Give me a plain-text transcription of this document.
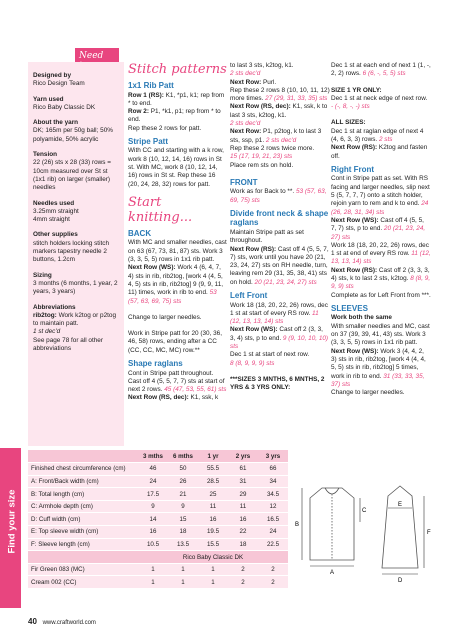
Need
Designed by
Rico Design Team
Yarn used
Rico Baby Classic DK
About the yarn
DK; 165m per 50g ball; 50% polyamide, 50% acrylic
Tension
22 (26) sts x 28 (33) rows = 10cm measured over St st (1x1 rib) on larger (smaller) needles
Needles used
3.25mm straight 4mm straight
Other supplies
stitch holders locking stitch markers tapestry needle 2 buttons, 1.2cm
Sizing
3 months (6 months, 1 year, 2 years, 3 years)
Abbreviations
rib2tog: Work k2tog or p2tog to maintain patt.
1 st dec'd
See page 78 for all other abbreviations
Stitch patterns
1x1 Rib Patt
Row 1 (RS): K1, *p1, k1; rep from * to end.
Row 2: P1, *k1, p1; rep from * to end.
Rep these 2 rows for patt.
Stripe Patt
With CC and starting with a k row, work 8 (10, 12, 14, 16) rows in St st. With MC, work 8 (10, 12, 14, 16) rows in St st. Rep these 16 (20, 24, 28, 32) rows for patt.
Start knitting...
BACK
With MC and smaller needles, cast on 63 (67, 73, 81, 87) sts. Work 3 (3, 3, 5, 5) rows in 1x1 rib patt.
Next Row (WS): Work 4 (6, 4, 7, 4) sts in rib, rib2tog, [work 4 (4, 5, 4, 5) sts in rib, rib2tog] 9 (9, 9, 11, 11) times, work in rib to end. 53 (57, 63, 69, 75) sts
Change to larger needles.
Work in Stripe patt for 20 (30, 36, 46, 58) rows, ending after a CC (CC, CC, MC, MC) row.**
Shape raglans
Cont in Stripe patt throughout. Cast off 4 (5, 5, 7, 7) sts at start of next 2 rows. 45 (47, 53, 55, 61) sts
Next Row (RS, dec): K1, ssk, k
to last 3 sts, k2tog, k1.
2 sts dec'd
Next Row: Purl.
Rep these 2 rows 8 (10, 10, 11, 12) more times. 27 (29, 31, 33, 35) sts
Next Row (RS, dec): K1, ssk, k to last 3 sts, k2tog, k1.
2 sts dec'd
Next Row: P1, p2tog, k to last 3 sts, ssp, p1. 2 sts dec'd
Rep these 2 rows twice more.
15 (17, 19, 21, 23) sts
Place rem sts on hold.
FRONT
Work as for Back to **. 53 (57, 63, 69, 75) sts
Divide front neck & shape raglans
Maintain Stripe patt as set throughout.
Next Row (RS): Cast off 4 (5, 5, 7, 7) sts, work until you have 20 (21, 23, 24, 27) sts on RH needle, turn, leaving rem 29 (31, 35, 38, 41) sts on hold. 20 (21, 23, 24, 27) sts
Left Front
Work 18 (18, 20, 22, 26) rows, dec 1 st at start of every RS row. 11 (12, 13, 13, 14) sts
Next Row (WS): Cast off 2 (3, 3, 3, 4) sts, p to end. 9 (9, 10, 10, 10) sts
Dec 1 st at start of next row.
8 (8, 9, 9, 9) sts
***SIZES 3 MNTHS, 6 MNTHS, 2 YRS & 3 YRS ONLY:
Dec 1 st at each end of next 1 (1, -, 2, 2) rows. 6 (6, -, 5, 5) sts
SIZE 1 YR ONLY:
Dec 1 st at neck edge of next row. - (-, 8, -, -) sts
ALL SIZES:
Dec 1 st at raglan edge of next 4 (4, 6, 3, 3) rows. 2 sts
Next Row (RS): K2tog and fasten off.
Right Front
Cont in Stripe patt as set. With RS facing and larger needles, slip next 5 (5, 7, 7, 7) onto a stitch holder, rejoin yarn to rem and k to end. 24 (26, 28, 31, 34) sts
Next Row (WS): Cast off 4 (5, 5, 7, 7) sts, p to end. 20 (21, 23, 24, 27) sts
Work 18 (18, 20, 22, 26) rows, dec 1 st at end of every RS row. 11 (12, 13, 13, 14) sts
Next Row (RS): Cast off 2 (3, 3, 3, 4) sts, k to last 2 sts, k2tog. 8 (8, 9, 9, 9) sts
Complete as for Left Front from ***.
SLEEVES
Work both the same
With smaller needles and MC, cast on 37 (39, 39, 41, 43) sts. Work 3 (3, 3, 5, 5) rows in 1x1 rib patt.
Next Row (WS): Work 3 (4, 4, 2, 3) sts in rib, rib2tog, [work 4 (4, 4, 5, 5) sts in rib, rib2tog] 5 times, work in rib to end. 31 (33, 33, 35, 37) sts
Change to larger needles.
Find your size
	3 mths	6 mths	1 yr	2 yrs	3 yrs
Finished chest circumference (cm)	46	50	55.5	61	66
A: Front/Back width (cm)	24	26	28.5	31	34
B: Total length (cm)	17.5	21	25	29	34.5
C: Armhole depth (cm)	9	9	11	11	12
D: Cuff width (cm)	14	15	16	16	16.5
E: Top sleeve width (cm)	16	18	19.5	22	24
F: Sleeve length (cm)	10.5	13.5	15.5	18	22.5
	Rico Baby Classic DK				
Fir Green 083 (MC)	1	1	1	2	2
Cream 002 (CC)	1	1	1	2	2
A
B
C
D
E
F
40 www.craftworld.com
